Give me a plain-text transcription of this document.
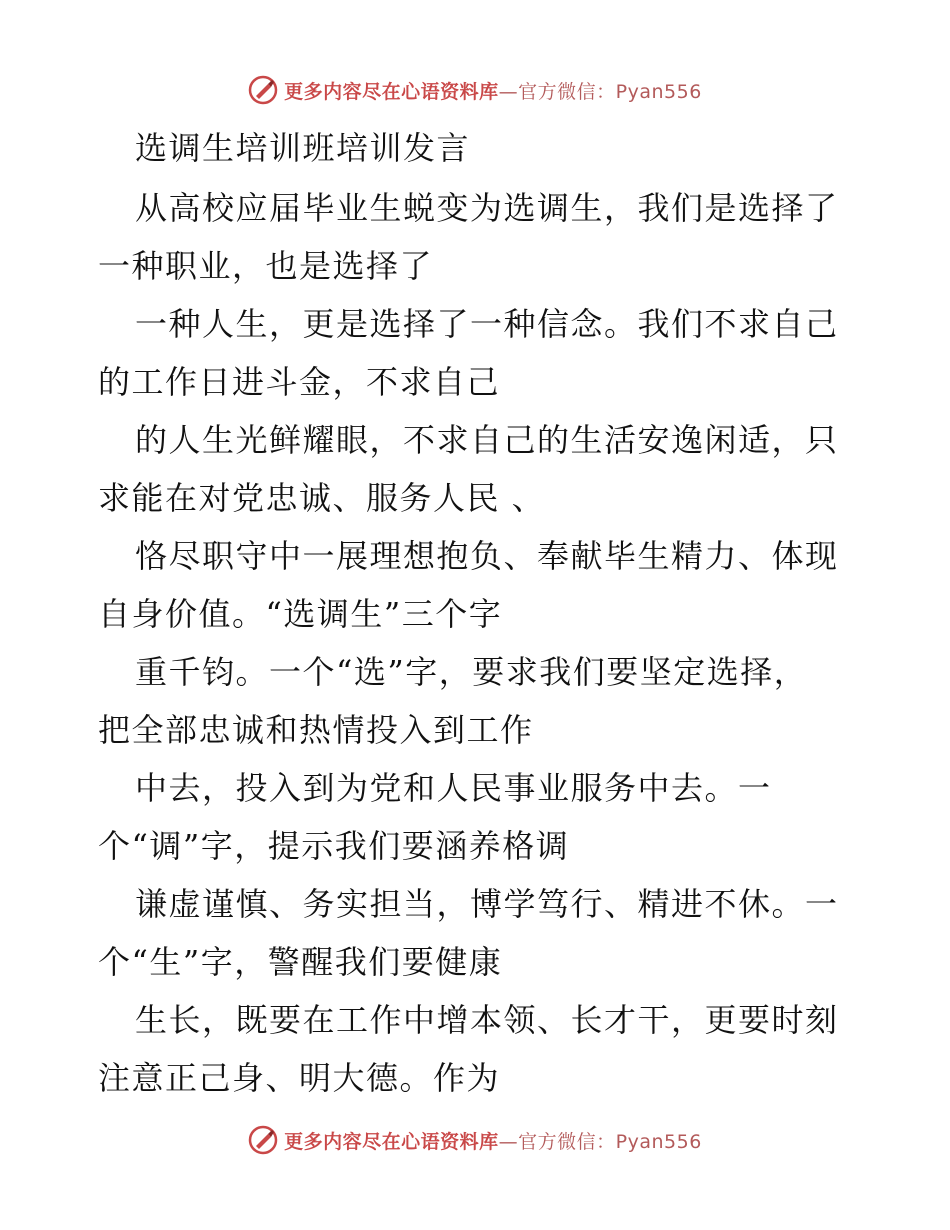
更多内容尽在心语资料库—官方微信：Pyan556

选调生培训班培训发言

从高校应届毕业生蜕变为选调生，我们是选择了

一种职业，也是选择了

一种人生，更是选择了一种信念。我们不求自己

的工作日进斗金，不求自己

的人生光鲜耀眼，不求自己的生活安逸闲适，只

求能在对党忠诚、服务人民 、

恪尽职守中一展理想抱负、奉献毕生精力、体现

自身价值。“选调生”三个字

重千钧。一个“选”字，要求我们要坚定选择，

把全部忠诚和热情投入到工作

中去，投入到为党和人民事业服务中去。一

个“调”字，提示我们要涵养格调

谦虚谨慎、务实担当，博学笃行、精进不休。一

个“生”字，警醒我们要健康

生长，既要在工作中增本领、长才干，更要时刻

注意正己身、明大德。作为

更多内容尽在心语资料库—官方微信：Pyan556
